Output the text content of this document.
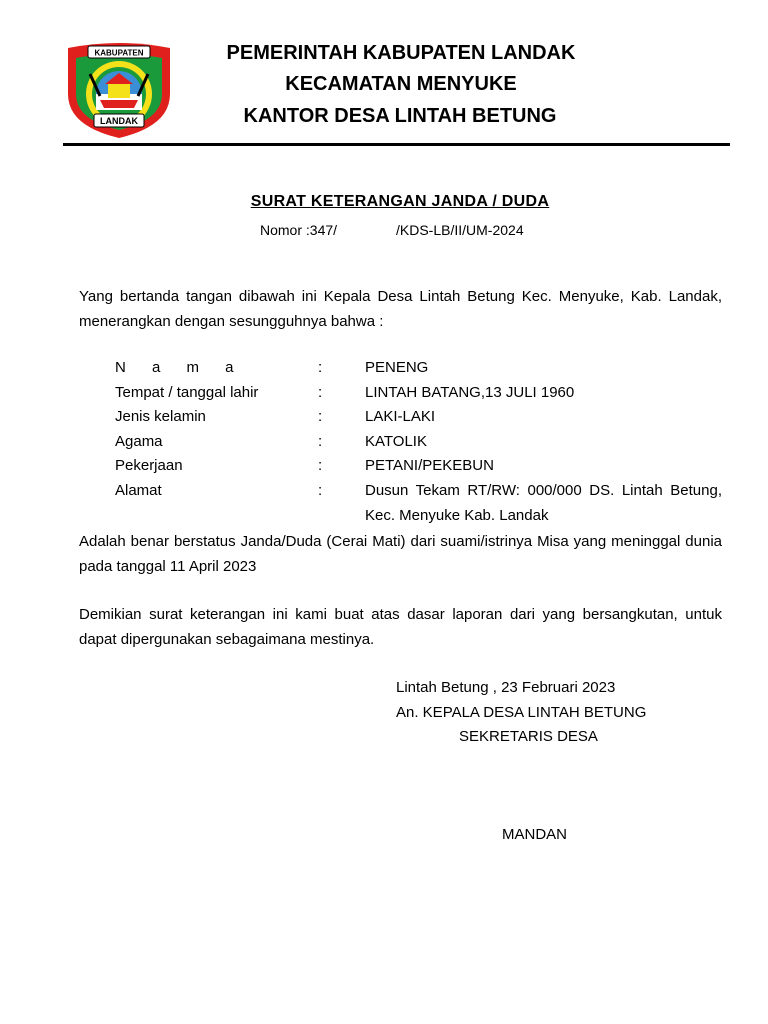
KABUPATEN
LANDAK
PEMERINTAH KABUPATEN LANDAK
KECAMATAN MENYUKE
KANTOR DESA LINTAH BETUNG
SURAT KETERANGAN JANDA / DUDA
Nomor :347/	/KDS-LB/II/UM-2024
Yang bertanda tangan dibawah ini Kepala Desa Lintah Betung Kec. Menyuke, Kab. Landak, menerangkan dengan sesungguhnya bahwa :
N a m a	:	PENENG
Tempat / tanggal lahir	:	LINTAH BATANG,13 JULI 1960
Jenis kelamin	:	LAKI-LAKI
Agama	:	KATOLIK
Pekerjaan	:	PETANI/PEKEBUN
Alamat	:	Dusun Tekam RT/RW: 000/000 DS. Lintah Betung, Kec. Menyuke Kab. Landak
Adalah benar berstatus Janda/Duda (Cerai Mati) dari suami/istrinya Misa yang meninggal dunia pada tanggal 11 April 2023
Demikian surat keterangan ini kami buat atas dasar laporan dari yang bersangkutan, untuk dapat dipergunakan sebagaimana mestinya.
Lintah Betung , 23 Februari 2023
An. KEPALA DESA LINTAH BETUNG
SEKRETARIS DESA
MANDAN
